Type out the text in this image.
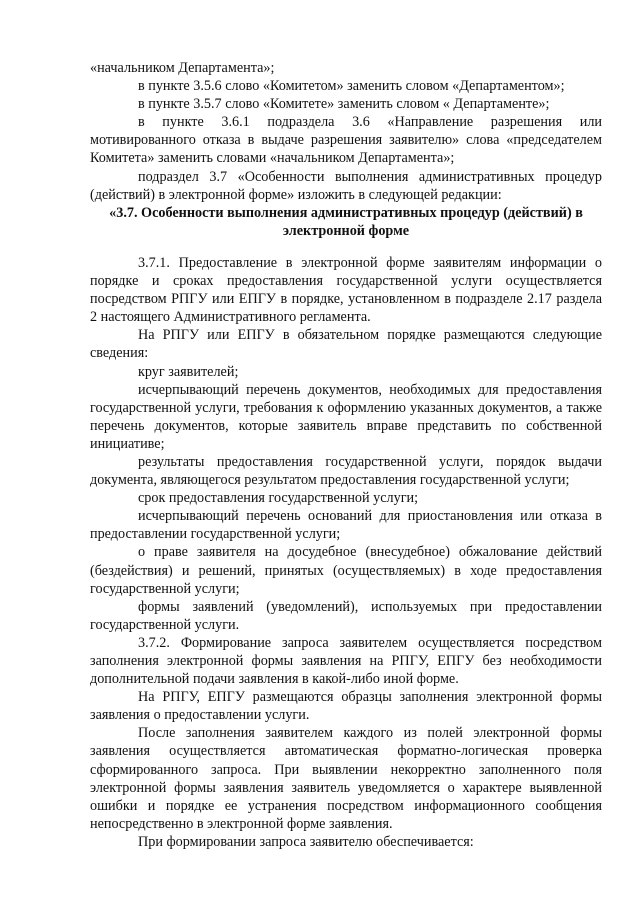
«начальником Департамента»;

в пункте 3.5.6 слово «Комитетом» заменить словом «Департаментом»;

в пункте 3.5.7 слово «Комитете» заменить словом « Департаменте»;

в пункте 3.6.1 подраздела 3.6 «Направление разрешения или мотивированного отказа в выдаче разрешения заявителю» слова «председателем Комитета» заменить словами «начальником Департамента»;

подраздел 3.7 «Особенности выполнения административных процедур (действий) в электронной форме» изложить в следующей редакции:

«3.7. Особенности выполнения административных процедур (действий) в электронной форме

3.7.1. Предоставление в электронной форме заявителям информации о порядке и сроках предоставления государственной услуги осуществляется посредством РПГУ или ЕПГУ в порядке, установленном в подразделе 2.17 раздела 2 настоящего Административного регламента.

На РПГУ или ЕПГУ в обязательном порядке размещаются следующие сведения:

круг заявителей;

исчерпывающий перечень документов, необходимых для предоставления государственной услуги, требования к оформлению указанных документов, а также перечень документов, которые заявитель вправе представить по собственной инициативе;

результаты предоставления государственной услуги, порядок выдачи документа, являющегося результатом предоставления государственной услуги;

срок предоставления государственной услуги;

исчерпывающий перечень оснований для приостановления или отказа в предоставлении государственной услуги;

о праве заявителя на досудебное (внесудебное) обжалование действий (бездействия) и решений, принятых (осуществляемых) в ходе предоставления государственной услуги;

формы заявлений (уведомлений), используемых при предоставлении государственной услуги.

3.7.2. Формирование запроса заявителем осуществляется посредством заполнения электронной формы заявления на РПГУ, ЕПГУ без необходимости дополнительной подачи заявления в какой-либо иной форме.

На РПГУ, ЕПГУ размещаются образцы заполнения электронной формы заявления о предоставлении услуги.

После заполнения заявителем каждого из полей электронной формы заявления осуществляется автоматическая форматно-логическая проверка сформированного запроса. При выявлении некорректно заполненного поля электронной формы заявления заявитель уведомляется о характере выявленной ошибки и порядке ее устранения посредством информационного сообщения непосредственно в электронной форме заявления.

При формировании запроса заявителю обеспечивается:
